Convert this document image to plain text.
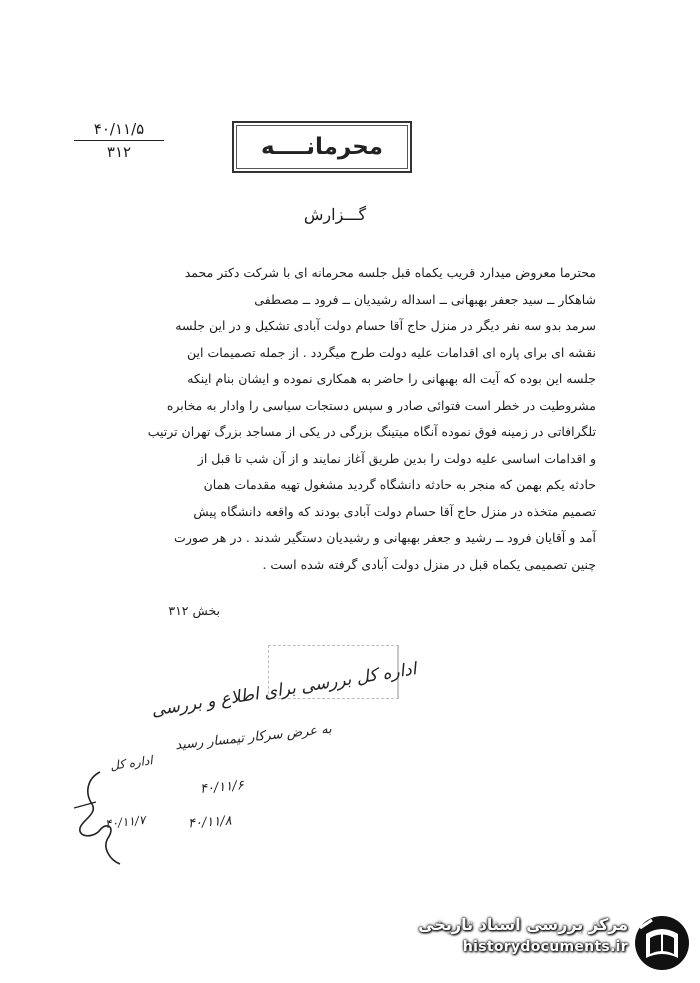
۴۰/۱۱/۵
۳۱۲	محرمانــــه
گـــزارش

محترما معروض میدارد قریب یکماه قبل جلسه محرمانه ای با شرکت دکتر محمد

شاهکار ــ سید جعفر بهبهانی ــ اسداله رشیدیان ــ فرود ــ مصطفی

سرمد بدو سه نفر دیگر در منزل حاج آقا حسام دولت آبادی تشکیل و در این جلسه

نقشه ای برای پاره ای اقدامات علیه دولت طرح میگردد . از جمله تصمیمات این

جلسه این بوده که آیت اله بهبهانی را حاضر به همکاری نموده و ایشان بنام اینکه

مشروطیت در خطر است فتوائی صادر و سپس دستجات سیاسی را وادار به مخابره

تلگرافاتی در زمینه فوق نموده آنگاه میتینگ بزرگی در یکی از مساجد بزرگ تهران ترتیب

و اقدامات اساسی علیه دولت را بدین طریق آغاز نمایند و از آن شب تا قبل از

حادثه یکم بهمن که منجر به حادثه دانشگاه گردید مشغول تهیه مقدمات همان

تصمیم متخذه در منزل حاج آقا حسام دولت آبادی بودند که واقعه دانشگاه پیش

آمد و آقایان فرود ــ رشید و جعفر بهبهانی و رشیدیان دستگیر شدند . در هر صورت

چنین تصمیمی یکماه قبل در منزل دولت آبادی گرفته شده است .

بخش ۳۱۲
اداره کل بررسی برای اطلاع و بررسی
به عرض سرکار تیمسار رسید
۴۰/۱۱/۶
۴۰/۱۱/۸
اداره کل
۴۰/۱۱/۷
مرکز بررسی اسناد تاریخی
historydocuments.ir
